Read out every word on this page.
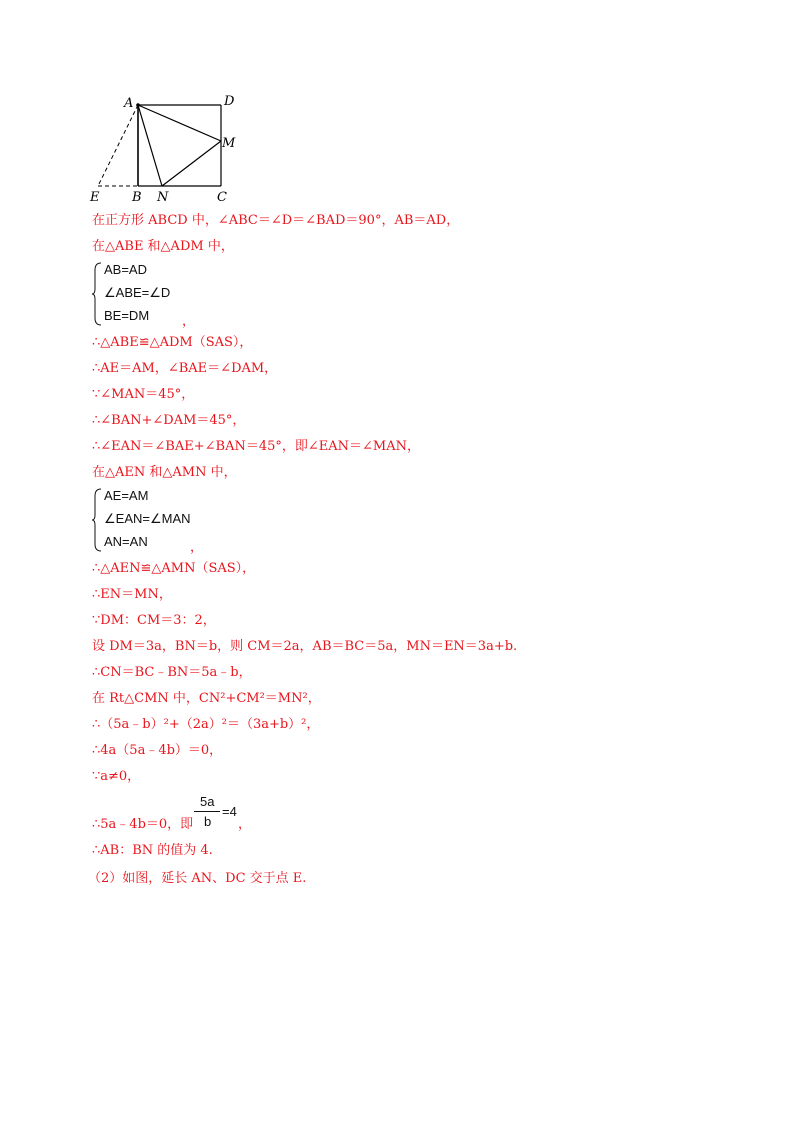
A	D
M
E	B N	C
在正方形 ABCD 中，∠ABC＝∠D＝∠BAD＝90°，AB＝AD，
在△ABE 和△ADM 中，
AB=AD
∠ABE=∠D
BE=DM	，
∴△ABE≌△ADM（SAS），
∴AE＝AM，∠BAE＝∠DAM，
∵∠MAN＝45°，
∴∠BAN+∠DAM＝45°，
∴∠EAN＝∠BAE+∠BAN＝45°，即∠EAN＝∠MAN，
在△AEN 和△AMN 中，
AE=AM
∠EAN=∠MAN
AN=AN	，
∴△AEN≌△AMN（SAS），
∴EN＝MN，
∵DM：CM＝3：2，
设 DM＝3a，BN＝b，则 CM＝2a，AB＝BC＝5a，MN＝EN＝3a+b.
∴CN＝BC﹣BN＝5a﹣b，
在 Rt△CMN 中，CN²+CM²＝MN²，
∴（5a﹣b）²+（2a）²＝（3a+b）²，
∴4a（5a﹣4b）＝0，
∵a≠0，
∴5a﹣4b＝0，即
5a
b
=4
，
∴AB：BN 的值为 4.
（2）如图，延长 AN、DC 交于点 E.
